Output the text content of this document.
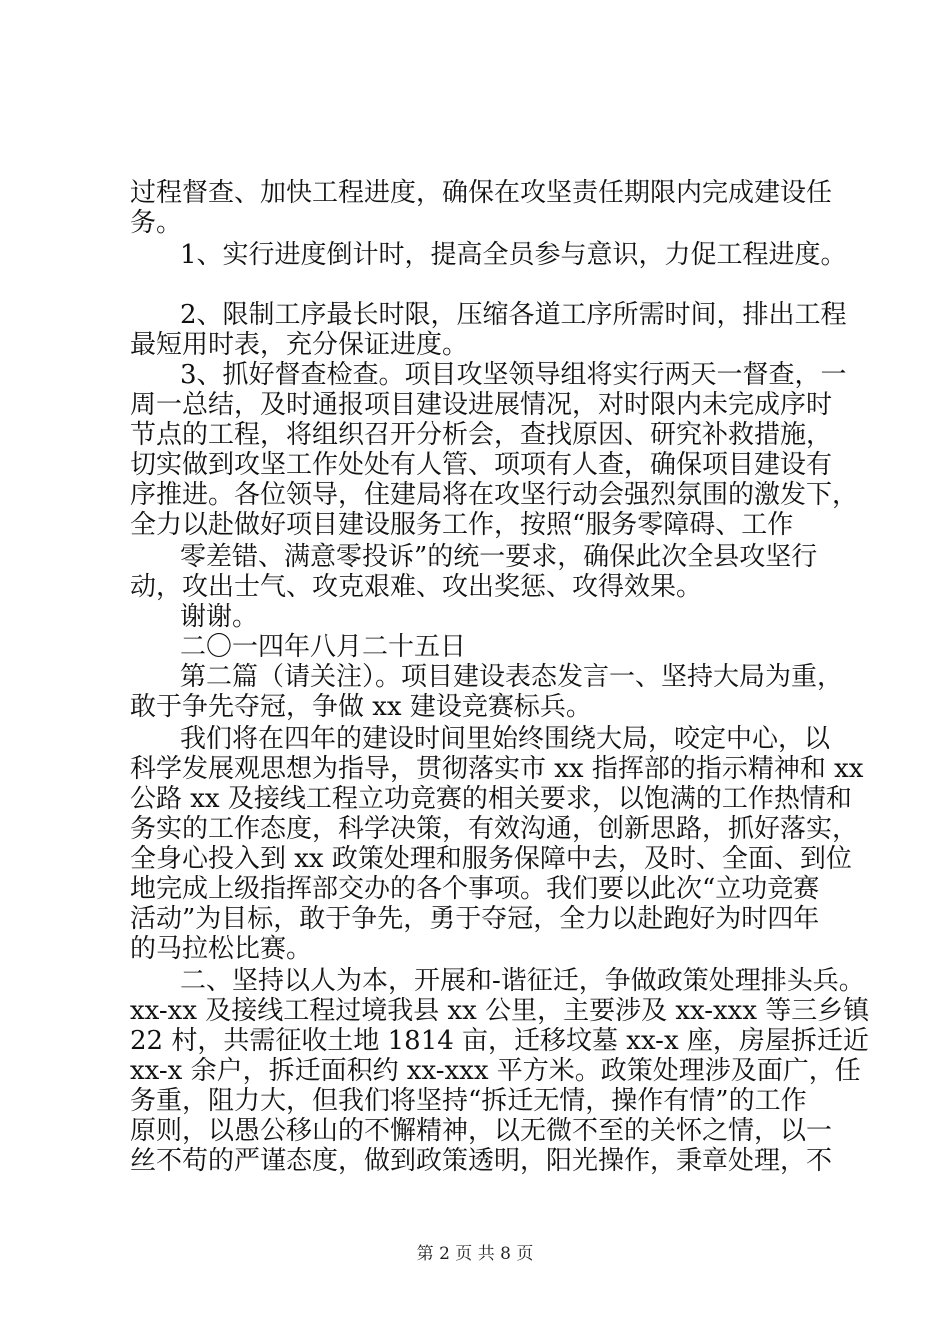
过程督查、加快工程进度，确保在攻坚责任期限内完成建设任
务。
1、实行进度倒计时，提高全员参与意识，力促工程进度。
2、限制工序最长时限，压缩各道工序所需时间，排出工程
最短用时表，充分保证进度。
3、抓好督查检查。项目攻坚领导组将实行两天一督查，一
周一总结，及时通报项目建设进展情况，对时限内未完成序时
节点的工程，将组织召开分析会，查找原因、研究补救措施，
切实做到攻坚工作处处有人管、项项有人查，确保项目建设有
序推进。各位领导，住建局将在攻坚行动会强烈氛围的激发下，
全力以赴做好项目建设服务工作，按照“服务零障碍、工作
零差错、满意零投诉”的统一要求，确保此次全县攻坚行
动，攻出士气、攻克艰难、攻出奖惩、攻得效果。
谢谢。
二〇一四年八月二十五日
第二篇（请关注）。项目建设表态发言一、坚持大局为重，
敢于争先夺冠，争做 xx 建设竞赛标兵。
我们将在四年的建设时间里始终围绕大局，咬定中心，以
科学发展观思想为指导，贯彻落实市 xx 指挥部的指示精神和 xx
公路 xx 及接线工程立功竞赛的相关要求，以饱满的工作热情和
务实的工作态度，科学决策，有效沟通，创新思路，抓好落实，
全身心投入到 xx 政策处理和服务保障中去，及时、全面、到位
地完成上级指挥部交办的各个事项。我们要以此次“立功竞赛
活动”为目标，敢于争先，勇于夺冠，全力以赴跑好为时四年
的马拉松比赛。
二、坚持以人为本，开展和-谐征迁，争做政策处理排头兵。
xx-xx 及接线工程过境我县 xx 公里，主要涉及 xx-xxx 等三乡镇
22 村，共需征收土地 1814 亩，迁移坟墓 xx-x 座，房屋拆迁近
xx-x 余户，拆迁面积约 xx-xxx 平方米。政策处理涉及面广，任
务重，阻力大，但我们将坚持“拆迁无情，操作有情”的工作
原则，以愚公移山的不懈精神，以无微不至的关怀之情，以一
丝不苟的严谨态度，做到政策透明，阳光操作，秉章处理，不
第 2 页 共 8 页
